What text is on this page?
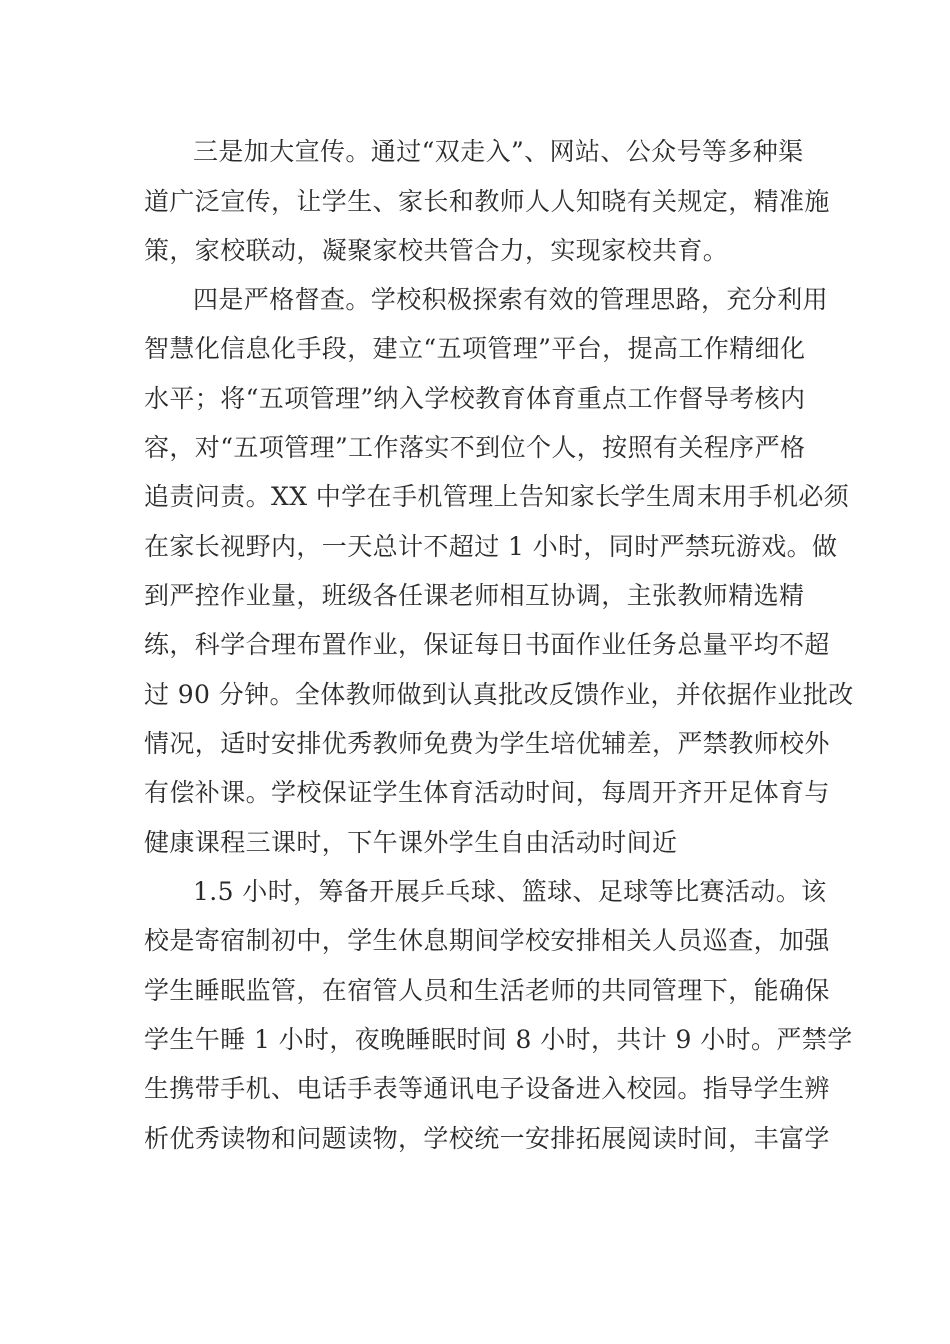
三是加大宣传。通过“双走入”、网站、公众号等多种渠
道广泛宣传，让学生、家长和教师人人知晓有关规定，精准施
策，家校联动，凝聚家校共管合力，实现家校共育。
四是严格督查。学校积极探索有效的管理思路，充分利用
智慧化信息化手段，建立“五项管理”平台，提高工作精细化
水平；将“五项管理”纳入学校教育体育重点工作督导考核内
容，对“五项管理”工作落实不到位个人，按照有关程序严格
追责问责。XX 中学在手机管理上告知家长学生周末用手机必须
在家长视野内，一天总计不超过 1 小时，同时严禁玩游戏。做
到严控作业量，班级各任课老师相互协调，主张教师精选精
练，科学合理布置作业，保证每日书面作业任务总量平均不超
过 90 分钟。全体教师做到认真批改反馈作业，并依据作业批改
情况，适时安排优秀教师免费为学生培优辅差，严禁教师校外
有偿补课。学校保证学生体育活动时间，每周开齐开足体育与
健康课程三课时，下午课外学生自由活动时间近
1.5 小时，筹备开展乒乓球、篮球、足球等比赛活动。该
校是寄宿制初中，学生休息期间学校安排相关人员巡查，加强
学生睡眠监管，在宿管人员和生活老师的共同管理下，能确保
学生午睡 1 小时，夜晚睡眠时间 8 小时，共计 9 小时。严禁学
生携带手机、电话手表等通讯电子设备进入校园。指导学生辨
析优秀读物和问题读物，学校统一安排拓展阅读时间，丰富学
